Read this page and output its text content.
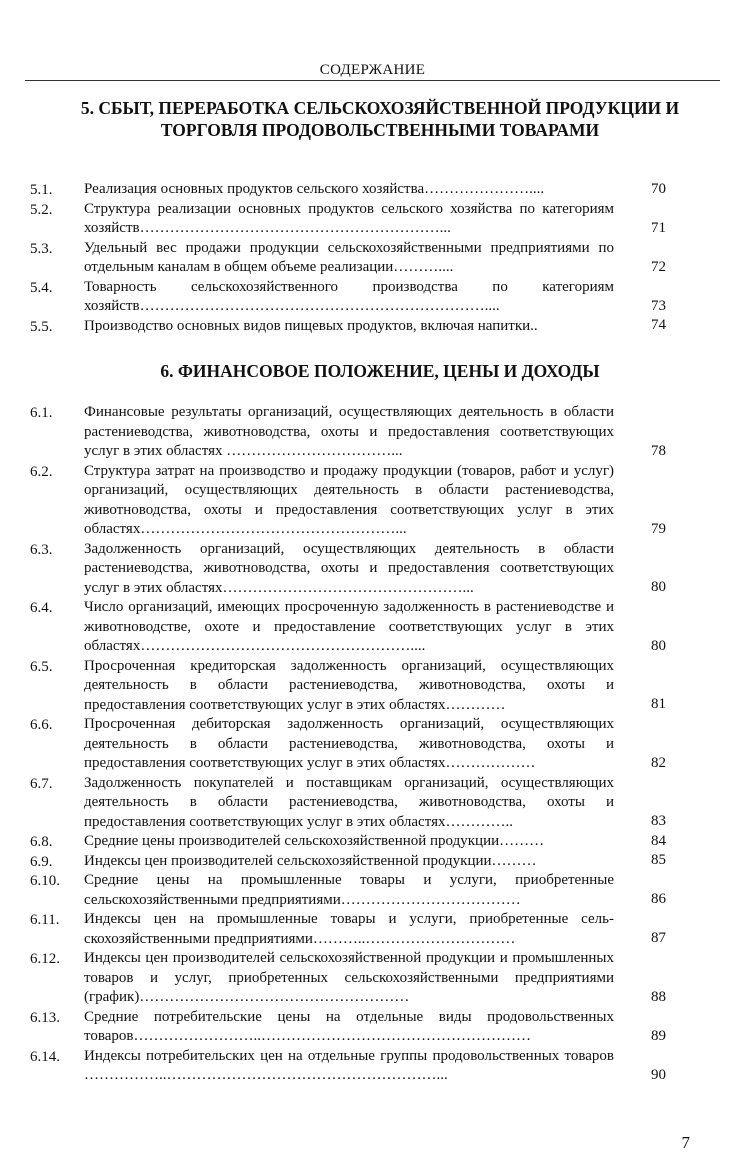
СОДЕРЖАНИЕ
5. СБЫТ, ПЕРЕРАБОТКА СЕЛЬСКОХОЗЯЙСТВЕННОЙ ПРОДУКЦИИ И ТОРГОВЛЯ ПРОДОВОЛЬСТВЕННЫМИ ТОВАРАМИ
5.1. Реализация основных продуктов сельского хозяйства…………………....	70
5.2. Структура реализации основных продуктов сельского хозяйства по категориям хозяйств……………………………………………………...	71
5.3. Удельный вес продажи продукции сельскохозяйственными предприятиями по отдельным каналам в общем объеме реализации………....	72
5.4. Товарность сельскохозяйственного производства по категориям хозяйств……………………………………………………………....	73
5.5. Производство основных видов пищевых продуктов, включая напитки..	74
6. ФИНАНСОВОЕ ПОЛОЖЕНИЕ, ЦЕНЫ И ДОХОДЫ
6.1. Финансовые результаты организаций, осуществляющих деятельность в области растениеводства, животноводства, охоты и предоставления соответствующих услуг в этих областях ……………………………...	78
6.2. Структура затрат на производство и продажу продукции (товаров, работ и услуг) организаций, осуществляющих деятельность в области растениеводства, животноводства, охоты и предоставления соответствующих услуг в этих областях……………………………………………...	79
6.3. Задолженность организаций, осуществляющих деятельность в области растениеводства, животноводства, охоты и предоставления соответствующих услуг в этих областях…………………………………………...	80
6.4. Число организаций, имеющих просроченную задолженность в растениеводстве и животноводстве, охоте и предоставление соответствующих услуг в этих областях………………………………………………....	80
6.5. Просроченная кредиторская задолженность организаций, осуществляющих деятельность в области растениеводства, животноводства, охоты и предоставления соответствующих услуг в этих областях…………	81
6.6. Просроченная дебиторская задолженность организаций, осуществляющих деятельность в области растениеводства, животноводства, охоты и предоставления соответствующих услуг в этих областях………………	82
6.7. Задолженность покупателей и поставщикам организаций, осуществляющих деятельность в области растениеводства, животноводства, охоты и предоставления соответствующих услуг в этих областях…………..	83
6.8. Средние цены производителей сельскохозяйственной продукции………	84
6.9. Индексы цен производителей сельскохозяйственной продукции………	85
6.10. Средние цены на промышленные товары и услуги, приобретенные сельскохозяйственными предприятиями………………………………	86
6.11. Индексы цен на промышленные товары и услуги, приобретенные сельскохозяйственными предприятиями………..…………………………	87
6.12. Индексы цен производителей сельскохозяйственной продукции и промышленных товаров и услуг, приобретенных сельскохозяйственными предприятиями (график)………………………………………………	88
6.13. Средние потребительские цены на отдельные виды продовольственных товаров……………………..………………………………………………	89
6.14. Индексы потребительских цен на отдельные группы продовольственных товаров ……………..………………………………………………...	90
7
